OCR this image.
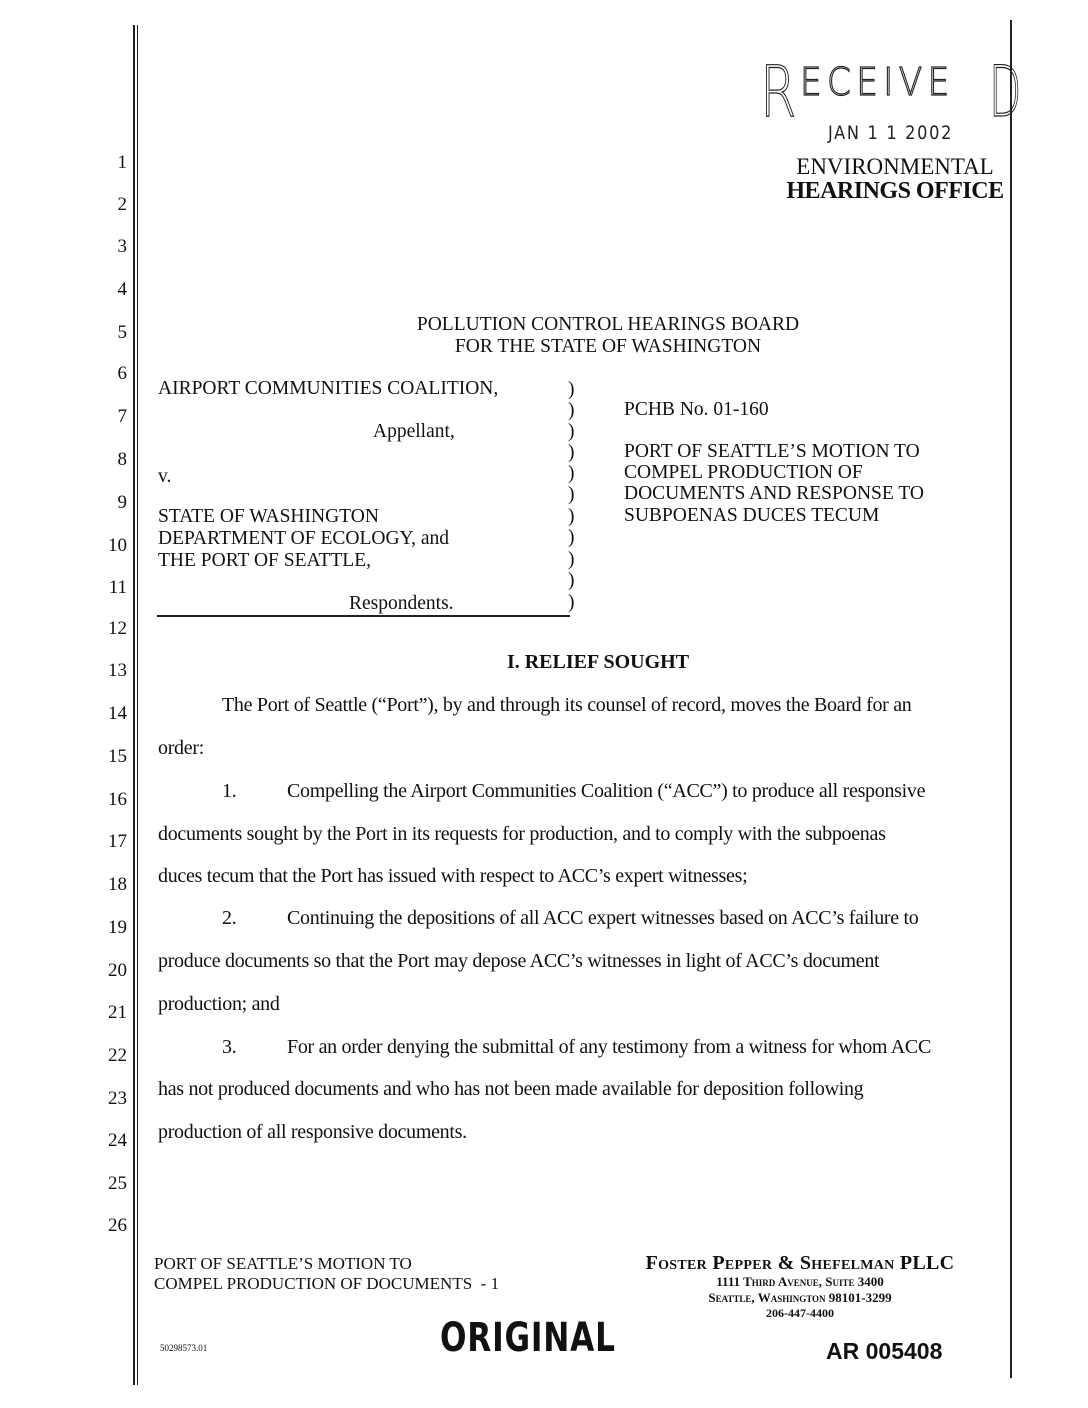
1
2
3
4
5
6
7
8
9
10
11
12
13
14
15
16
17
18
19
20
21
22
23
24
25
26
R ECEIVE D
JAN 1 1 2002
ENVIRONMENTAL
HEARINGS OFFICE
POLLUTION CONTROL HEARINGS BOARD
FOR THE STATE OF WASHINGTON
AIRPORT COMMUNITIES COALITION,
Appellant,
v.
STATE OF WASHINGTON
DEPARTMENT OF ECOLOGY, and
THE PORT OF SEATTLE,
Respondents.
)
)
)
)
)
)
)
)
)
)
)
PCHB No. 01-160
PORT OF SEATTLE’S MOTION TO
COMPEL PRODUCTION OF
DOCUMENTS AND RESPONSE TO
SUBPOENAS DUCES TECUM
I. RELIEF SOUGHT
The Port of Seattle (“Port”), by and through its counsel of record, moves the Board for an
order:
1.	Compelling the Airport Communities Coalition (“ACC”) to produce all responsive
documents sought by the Port in its requests for production, and to comply with the subpoenas
duces tecum that the Port has issued with respect to ACC’s expert witnesses;
2.	Continuing the depositions of all ACC expert witnesses based on ACC’s failure to
produce documents so that the Port may depose ACC’s witnesses in light of ACC’s document
production; and
3.	For an order denying the submittal of any testimony from a witness for whom ACC
has not produced documents and who has not been made available for deposition following
production of all responsive documents.
PORT OF SEATTLE’S MOTION TO
COMPEL PRODUCTION OF DOCUMENTS  - 1
50298573.01	ORIGINAL
Foster Pepper & Shefelman PLLC
1111 Third Avenue, Suite 3400
Seattle, Washington 98101-3299
206-447-4400
AR 005408
